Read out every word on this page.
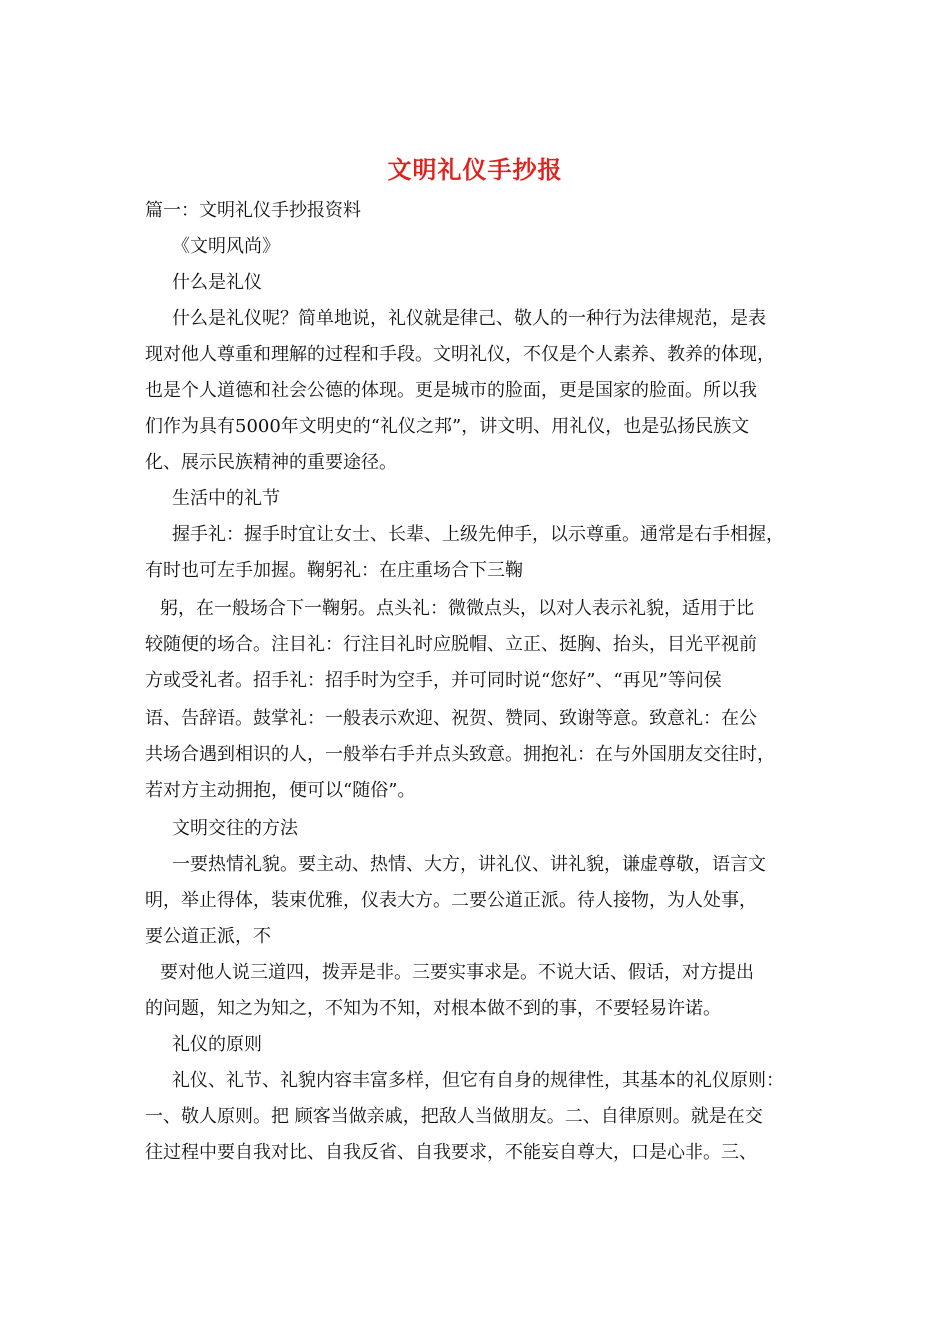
文明礼仪手抄报

篇一：文明礼仪手抄报资料

《文明风尚》

什么是礼仪

什么是礼仪呢？简单地说，礼仪就是律己、敬人的一种行为法律规范，是表

现对他人尊重和理解的过程和手段。文明礼仪，不仅是个人素养、教养的体现，

也是个人道德和社会公德的体现。更是城市的脸面，更是国家的脸面。所以我

们作为具有5000年文明史的“礼仪之邦”，讲文明、用礼仪，也是弘扬民族文

化、展示民族精神的重要途径。

生活中的礼节

握手礼：握手时宜让女士、长辈、上级先伸手，以示尊重。通常是右手相握，

有时也可左手加握。鞠躬礼：在庄重场合下三鞠

躬，在一般场合下一鞠躬。点头礼：微微点头，以对人表示礼貌，适用于比

较随便的场合。注目礼：行注目礼时应脱帽、立正、挺胸、抬头，目光平视前

方或受礼者。招手礼：招手时为空手，并可同时说“您好”、“再见”等问侯

语、告辞语。鼓掌礼：一般表示欢迎、祝贺、赞同、致谢等意。致意礼：在公

共场合遇到相识的人，一般举右手并点头致意。拥抱礼：在与外国朋友交往时，

若对方主动拥抱，便可以“随俗”。

文明交往的方法

一要热情礼貌。要主动、热情、大方，讲礼仪、讲礼貌，谦虚尊敬，语言文

明，举止得体，装束优雅，仪表大方。二要公道正派。待人接物，为人处事，

要公道正派，不

要对他人说三道四，拨弄是非。三要实事求是。不说大话、假话，对方提出

的问题，知之为知之，不知为不知，对根本做不到的事，不要轻易许诺。

礼仪的原则

礼仪、礼节、礼貌内容丰富多样，但它有自身的规律性，其基本的礼仪原则：

一、敬人原则。把 顾客当做亲戚，把敌人当做朋友。二、自律原则。就是在交

往过程中要自我对比、自我反省、自我要求，不能妄自尊大，口是心非。三、
